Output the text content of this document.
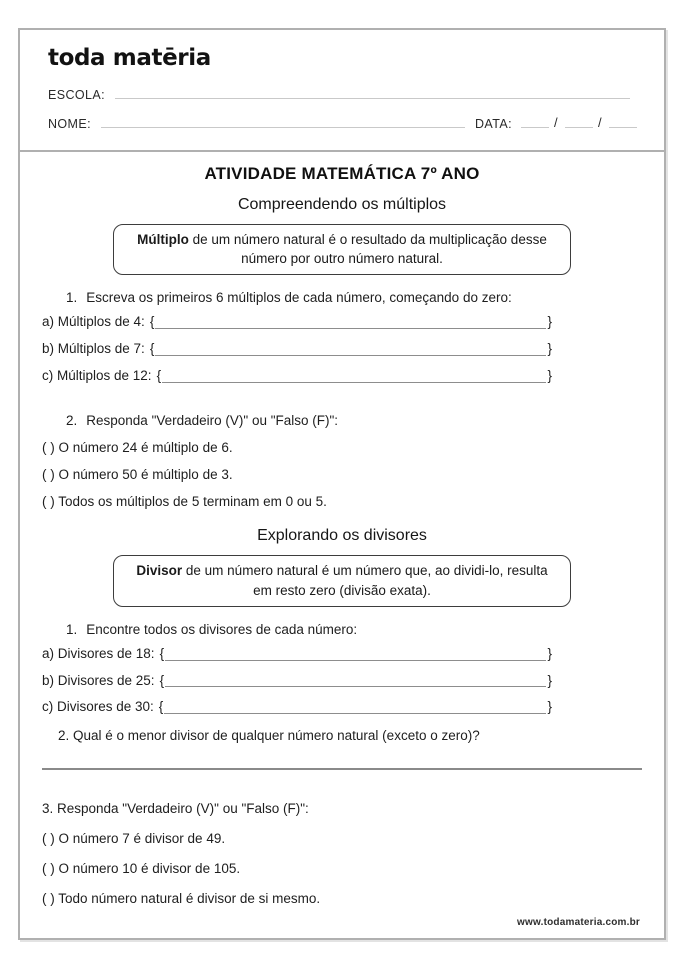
toda matēria
ESCOLA:
NOME:	DATA:	/	/
ATIVIDADE MATEMÁTICA 7º ANO
Compreendendo os múltiplos
Múltiplo de um número natural é o resultado da multiplicação desse número por outro número natural.
1. Escreva os primeiros 6 múltiplos de cada número, começando do zero:
a) Múltiplos de 4: {	}
b) Múltiplos de 7: {	}
c) Múltiplos de 12: {	}
2. Responda "Verdadeiro (V)" ou "Falso (F)":
( ) O número 24 é múltiplo de 6.
( ) O número 50 é múltiplo de 3.
( ) Todos os múltiplos de 5 terminam em 0 ou 5.
Explorando os divisores
Divisor de um número natural é um número que, ao dividi-lo, resulta em resto zero (divisão exata).
1. Encontre todos os divisores de cada número:
a) Divisores de 18: {	}
b) Divisores de 25: {	}
c) Divisores de 30: {	}
2. Qual é o menor divisor de qualquer número natural (exceto o zero)?
3. Responda "Verdadeiro (V)" ou "Falso (F)":
( ) O número 7 é divisor de 49.
( ) O número 10 é divisor de 105.
( ) Todo número natural é divisor de si mesmo.
www.todamateria.com.br
